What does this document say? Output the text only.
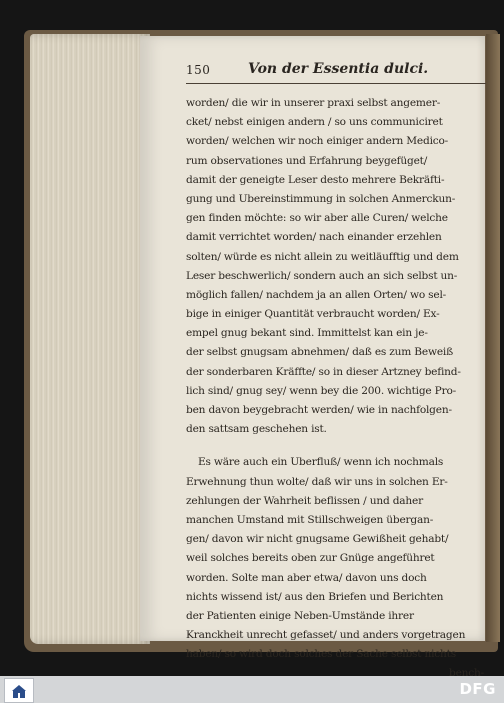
150	Von der Essentia dulci.
worden/ die wir in unserer praxi selbst angemer-
cket/ nebst einigen andern / so uns communiciret
worden/ welchen wir noch einiger andern Medico-
rum observationes und Erfahrung beygefüget/
damit der geneigte Leser desto mehrere Bekräfti-
gung und Ubereinstimmung in solchen Anmerckun-
gen finden möchte: so wir aber alle Curen/ welche
damit verrichtet worden/ nach einander erzehlen
solten/ würde es nicht allein zu weitläufftig und dem
Leser beschwerlich/ sondern auch an sich selbst un-
möglich fallen/ nachdem ja an allen Orten/ wo sel-
bige in einiger Quantität verbraucht worden/ Ex-
empel gnug bekant sind. Immittelst kan ein je-
der selbst gnugsam abnehmen/ daß es zum Beweiß
der sonderbaren Kräffte/ so in dieser Artzney befind-
lich sind/ gnug sey/ wenn bey die 200. wichtige Pro-
ben davon beygebracht werden/ wie in nachfolgen-
den sattsam geschehen ist.
Es wäre auch ein Uberfluß/ wenn ich nochmals
Erwehnung thun wolte/ daß wir uns in solchen Er-
zehlungen der Wahrheit beflissen / und daher
manchen Umstand mit Stillschweigen übergan-
gen/ davon wir nicht gnugsame Gewißheit gehabt/
weil solches bereits oben zur Gnüge angeführet
worden. Solte man aber etwa/ davon uns doch
nichts wissend ist/ aus den Briefen und Berichten
der Patienten einige Neben-Umstände ihrer
Kranckheit unrecht gefasset/ und anders vorgetragen
haben/ so wird doch solches der Sache selbst nichts
bench-
DFG
